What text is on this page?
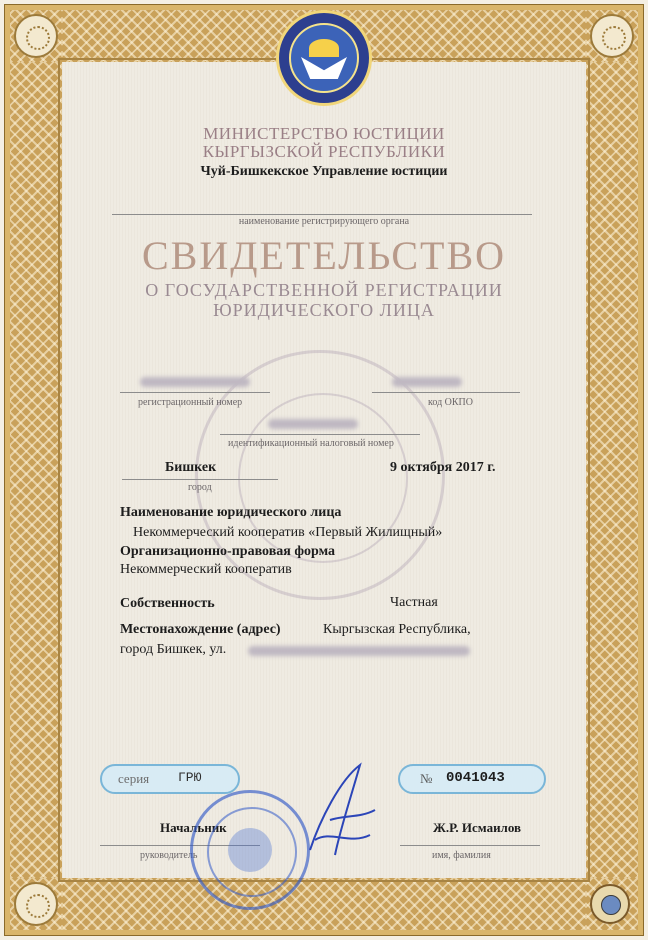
МИНИСТЕРСТВО ЮСТИЦИИ

КЫРГЫЗСКОЙ РЕСПУБЛИКИ

Чуй-Бишкекское Управление юстиции

наименование регистрирующего органа

СВИДЕТЕЛЬСТВО

О ГОСУДАРСТВЕННОЙ РЕГИСТРАЦИИ

ЮРИДИЧЕСКОГО ЛИЦА

регистрационный номер	код ОКПО

идентификационный налоговый номер

Бишкек

город

9 октября 2017 г.

Наименование юридического лица

Некоммерческий кооператив «Первый Жилищный»

Организационно-правовая форма

Некоммерческий кооператив

Собственность	Частная

Местонахождение (адрес)	Кыргызская Республика,

город Бишкек, ул.

серия ГРЮ	№ 0041043

Начальник	Ж.Р. Исмаилов

руководитель	имя, фамилия
